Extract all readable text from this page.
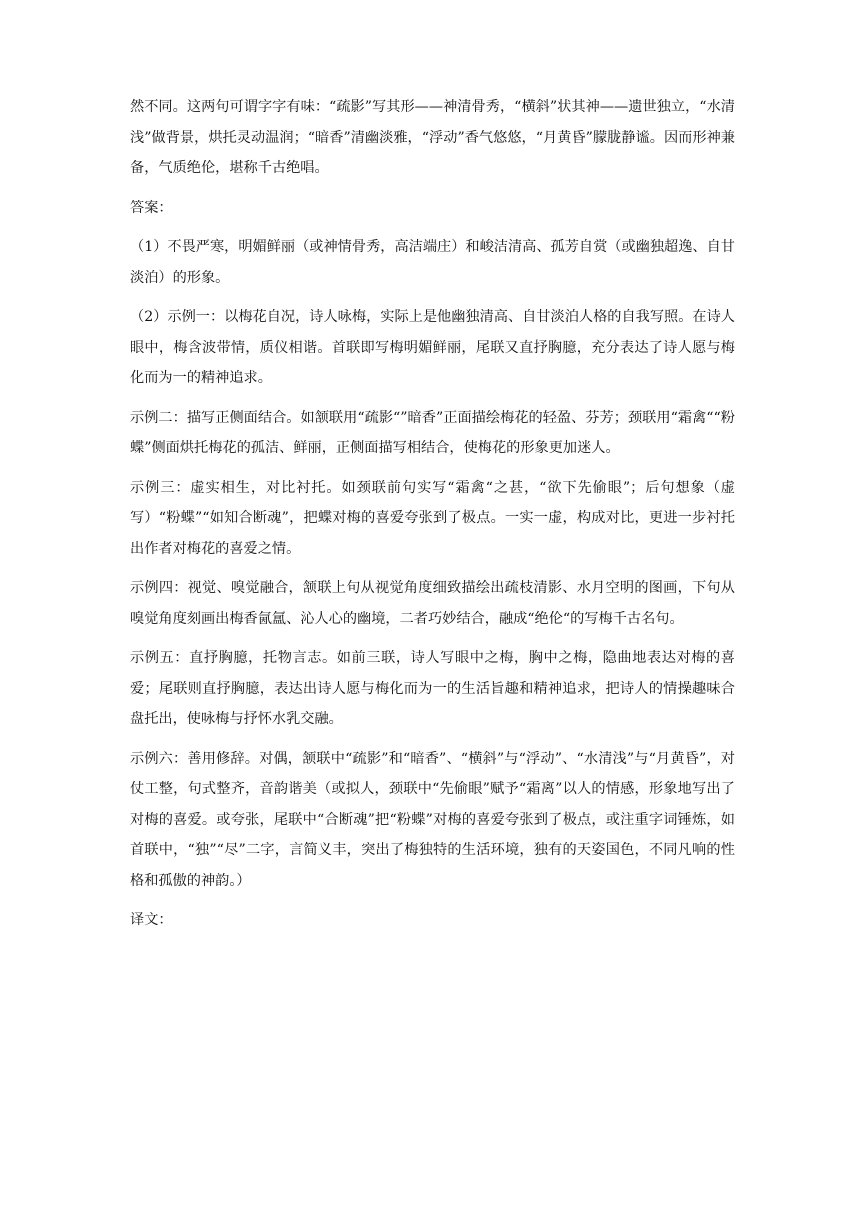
然不同。这两句可谓字字有味：“疏影”写其形——神清骨秀，“横斜”状其神——遗世独立，“水清浅”做背景，烘托灵动温润；“暗香”清幽淡雅，“浮动”香气悠悠，“月黄昏”朦胧静谧。因而形神兼备，气质绝伦，堪称千古绝唱。

答案：

（1）不畏严寒，明媚鲜丽（或神情骨秀，高洁端庄）和峻洁清高、孤芳自赏（或幽独超逸、自甘淡泊）的形象。

（2）示例一：以梅花自况，诗人咏梅，实际上是他幽独清高、自甘淡泊人格的自我写照。在诗人眼中，梅含波带情，质仪相谐。首联即写梅明媚鲜丽，尾联又直抒胸臆，充分表达了诗人愿与梅化而为一的精神追求。

示例二：描写正侧面结合。如颔联用“疏影“”暗香”正面描绘梅花的轻盈、芬芳；颈联用“霜禽““粉蝶”侧面烘托梅花的孤洁、鲜丽，正侧面描写相结合，使梅花的形象更加迷人。

示例三：虚实相生，对比衬托。如颈联前句实写“霜禽“之甚，“欲下先偷眼”；后句想象（虚写）“粉蝶”“如知合断魂”，把蝶对梅的喜爱夸张到了极点。一实一虚，构成对比，更进一步衬托出作者对梅花的喜爱之情。

示例四：视觉、嗅觉融合，颔联上句从视觉角度细致描绘出疏枝清影、水月空明的图画，下句从嗅觉角度刻画出梅香氤氲、沁人心的幽境，二者巧妙结合，融成“绝伦“的写梅千古名句。

示例五：直抒胸臆，托物言志。如前三联，诗人写眼中之梅，胸中之梅，隐曲地表达对梅的喜爱；尾联则直抒胸臆，表达出诗人愿与梅化而为一的生活旨趣和精神追求，把诗人的情操趣味合盘托出，使咏梅与抒怀水乳交融。

示例六：善用修辞。对偶，颔联中“疏影”和“暗香”、“横斜”与“浮动”、“水清浅”与“月黄昏”，对仗工整，句式整齐，音韵谐美（或拟人，颈联中“先偷眼”赋予“霜离”以人的情感，形象地写出了对梅的喜爱。或夸张，尾联中“合断魂”把“粉蝶”对梅的喜爱夸张到了极点，或注重字词锤炼，如首联中，“独”“尽”二字，言简义丰，突出了梅独特的生活环境，独有的天姿国色，不同凡响的性格和孤傲的神韵。）

译文：
